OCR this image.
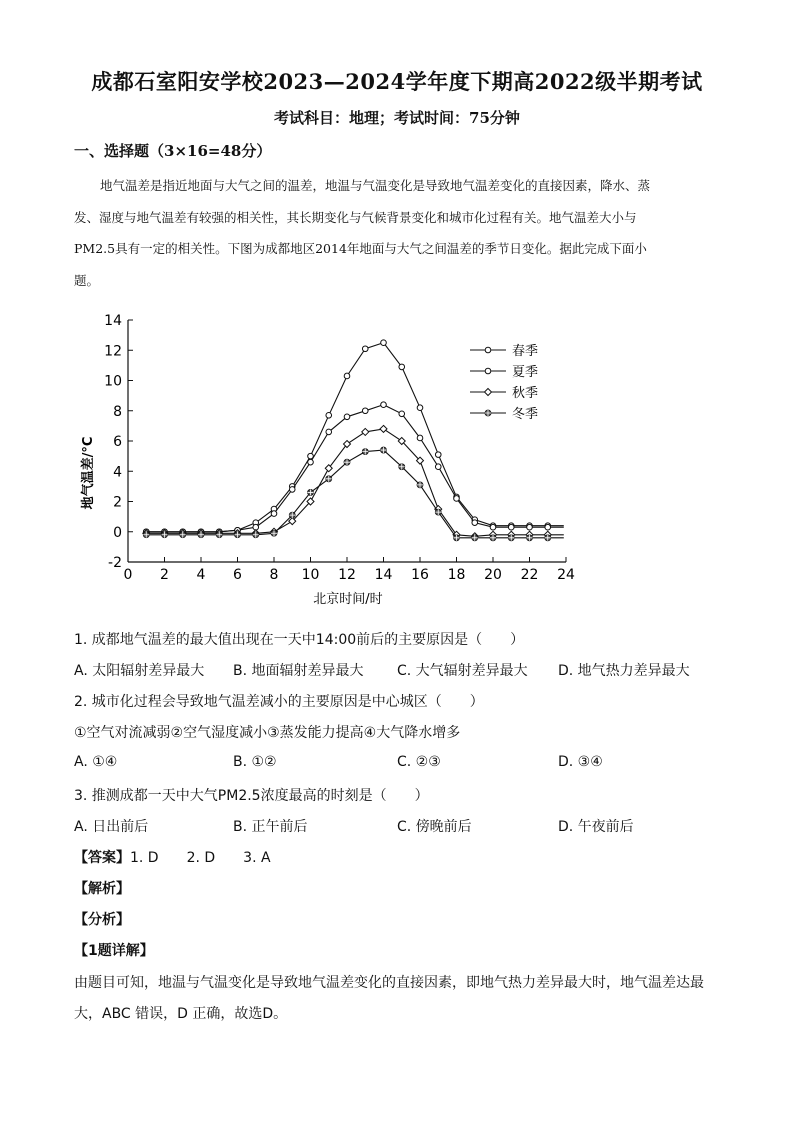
成都石室阳安学校2023—2024学年度下期高2022级半期考试
考试科目：地理；考试时间：75分钟
一、选择题（3×16=48分）
地气温差是指近地面与大气之间的温差，地温与气温变化是导致地气温差变化的直接因素，降水、蒸
发、湿度与地气温差有较强的相关性，其长期变化与气候背景变化和城市化过程有关。地气温差大小与
PM2.5具有一定的相关性。下图为成都地区2014年地面与大气之间温差的季节日变化。据此完成下面小
题。
-2
0
2
4
6
8
10
12
14
0 2 4 6 8 10 12 14 16 18 20 22 24
春季
夏季
秋季
冬季
地气温差/°C
北京时间/时
1. 成都地气温差的最大值出现在一天中14:00前后的主要原因是（　　）
A. 太阳辐射差异最大 B. 地面辐射差异最大 C. 大气辐射差异最大 D. 地气热力差异最大
2. 城市化过程会导致地气温差减小的主要原因是中心城区（　　）
①空气对流减弱②空气湿度减小③蒸发能力提高④大气降水增多
A. ①④	B. ①②	C. ②③	D. ③④
3. 推测成都一天中大气PM2.5浓度最高的时刻是（　　）
A. 日出前后	B. 正午前后	C. 傍晚前后	D. 午夜前后
【答案】1. D　　2. D　　3. A
【解析】
【分析】
【1题详解】
由题目可知，地温与气温变化是导致地气温差变化的直接因素，即地气热力差异最大时，地气温差达最
大，ABC 错误，D 正确，故选D。
